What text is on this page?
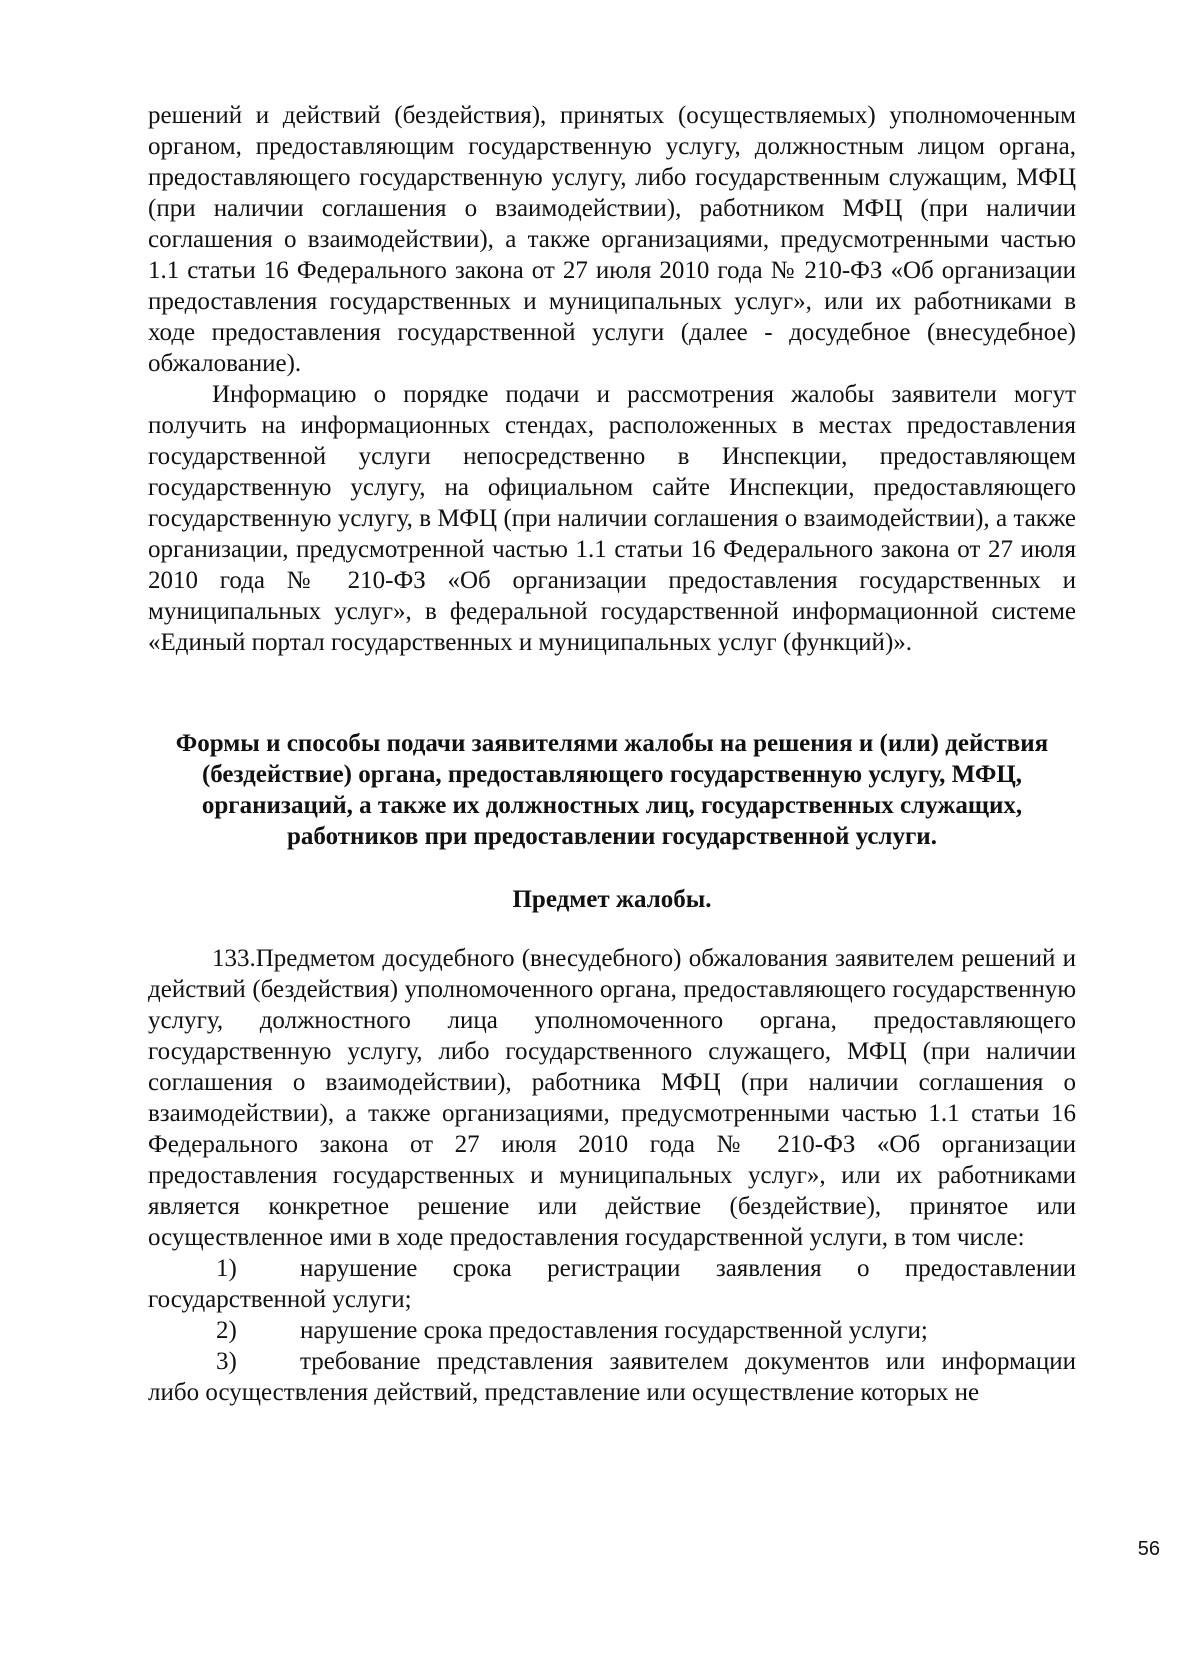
решений и действий (бездействия), принятых (осуществляемых) уполномоченным органом, предоставляющим государственную услугу, должностным лицом органа, предоставляющего государственную услугу, либо государственным служащим, МФЦ (при наличии соглашения о взаимодействии), работником МФЦ (при наличии соглашения о взаимодействии), а также организациями, предусмотренными частью 1.1 статьи 16 Федерального закона от 27 июля 2010 года № 210-ФЗ «Об организации предоставления государственных и муниципальных услуг», или их работниками в ходе предоставления государственной услуги (далее - досудебное (внесудебное) обжалование).

Информацию о порядке подачи и рассмотрения жалобы заявители могут получить на информационных стендах, расположенных в местах предоставления государственной услуги непосредственно в Инспекции, предоставляющем государственную услугу, на официальном сайте Инспекции, предоставляющего государственную услугу, в МФЦ (при наличии соглашения о взаимодействии), а также организации, предусмотренной частью 1.1 статьи 16 Федерального закона от 27 июля 2010 года № 210-ФЗ «Об организации предоставления государственных и муниципальных услуг», в федеральной государственной информационной системе «Единый портал государственных и муниципальных услуг (функций)».

Формы и способы подачи заявителями жалобы на решения и (или) действия (бездействие) органа, предоставляющего государственную услугу, МФЦ, организаций, а также их должностных лиц, государственных служащих, работников при предоставлении государственной услуги.

Предмет жалобы.

133.Предметом досудебного (внесудебного) обжалования заявителем решений и действий (бездействия) уполномоченного органа, предоставляющего государственную услугу, должностного лица уполномоченного органа, предоставляющего государственную услугу, либо государственного служащего, МФЦ (при наличии соглашения о взаимодействии), работника МФЦ (при наличии соглашения о взаимодействии), а также организациями, предусмотренными частью 1.1 статьи 16 Федерального закона от 27 июля 2010 года № 210-ФЗ «Об организации предоставления государственных и муниципальных услуг», или их работниками является конкретное решение или действие (бездействие), принятое или осуществленное ими в ходе предоставления государственной услуги, в том числе:

1)	нарушение срока регистрации заявления о предоставлении государственной услуги;

2)	нарушение срока предоставления государственной услуги;

3)	требование представления заявителем документов или информации либо осуществления действий, представление или осуществление которых не

56
